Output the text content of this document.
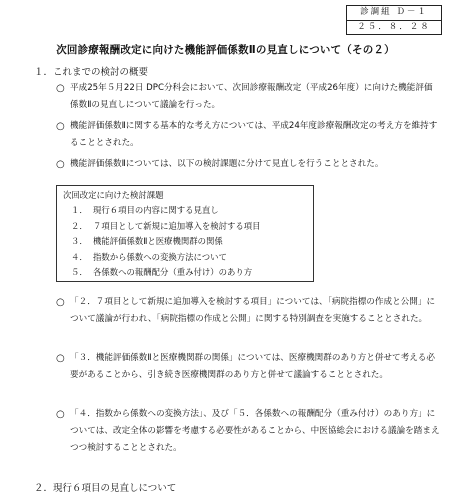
診調組 Ｄ－１
２５．８．２８
次回診療報酬改定に向けた機能評価係数Ⅱの見直しについて（その２）
１．これまでの検討の概要
○ 平成25年５月22日 DPC分科会において、次回診療報酬改定（平成26年度）に向けた機能評価係数Ⅱの見直しについて議論を行った。
○ 機能評価係数Ⅱに関する基本的な考え方については、平成24年度診療報酬改定の考え方を維持することとされた。
○ 機能評価係数Ⅱについては、以下の検討課題に分けて見直しを行うこととされた。
次回改定に向けた検討課題
１． 現行６項目の内容に関する見直し
２． ７項目として新規に追加導入を検討する項目
３． 機能評価係数Ⅱと医療機関群の関係
４． 指数から係数への変換方法について
５． 各係数への報酬配分（重み付け）のあり方
○ 「２．７項目として新規に追加導入を検討する項目」については、「病院指標の作成と公開」について議論が行われ、「病院指標の作成と公開」に関する特別調査を実施することとされた。
○ 「３．機能評価係数Ⅱと医療機関群の関係」については、医療機関群のあり方と併せて考える必要があることから、引き続き医療機関群のあり方と併せて議論することとされた。
○ 「４．指数から係数への変換方法」、及び「５．各係数への報酬配分（重み付け）のあり方」については、改定全体の影響を考慮する必要性があることから、中医協総会における議論を踏まえつつ検討することとされた。
２．現行６項目の見直しについて
